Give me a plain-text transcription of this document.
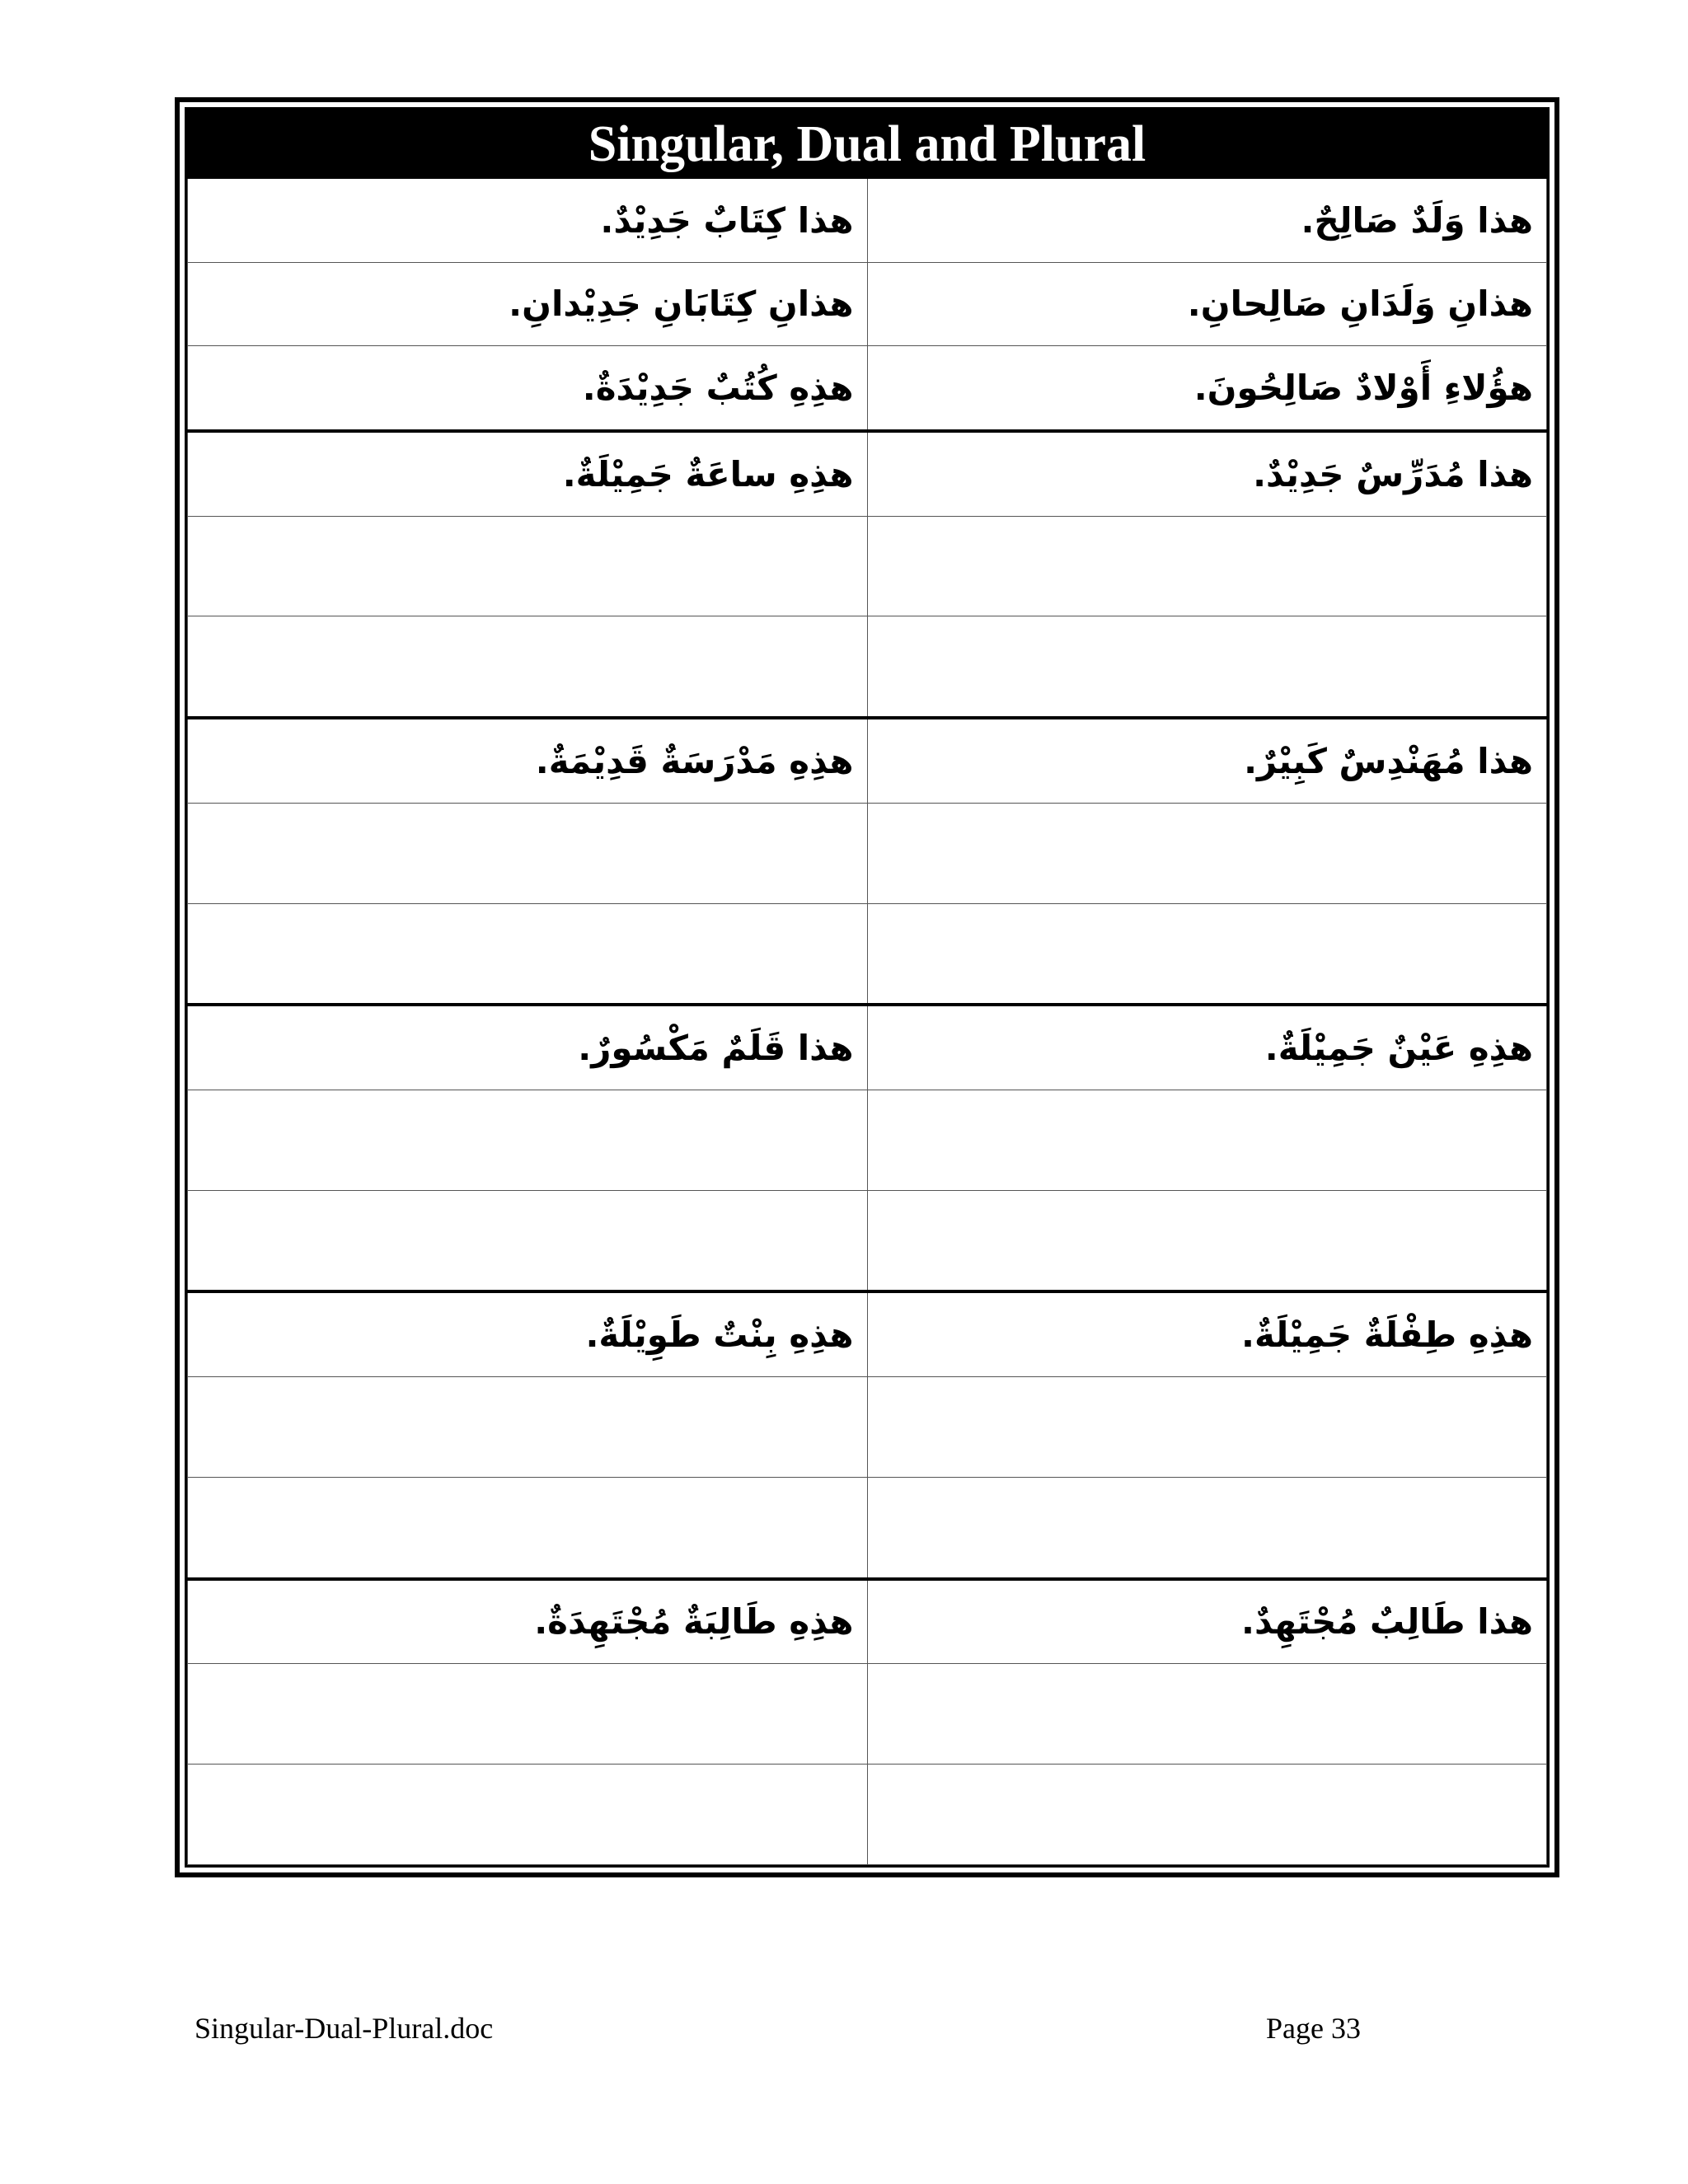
Singular, Dual and Plural
هذا كِتَابٌ جَدِيْدٌ.	هذا وَلَدٌ صَالِحٌ.
هذانِ كِتَابَانِ جَدِيْدانِ.	هذانِ وَلَدَانِ صَالِحانِ.
هذِهِ كُتُبٌ جَدِيْدَةٌ.	هؤُلاءِ أَوْلادٌ صَالِحُونَ.
هذِهِ ساعَةٌ جَمِيْلَةٌ.	هذا مُدَرِّسٌ جَدِيْدٌ.

هذِهِ مَدْرَسَةٌ قَدِيْمَةٌ.	هذا مُهَنْدِسٌ كَبِيْرٌ.

هذا قَلَمٌ مَكْسُورٌ.	هذِهِ عَيْنٌ جَمِيْلَةٌ.

هذِهِ بِنْتٌ طَوِيْلَةٌ.	هذِهِ طِفْلَةٌ جَمِيْلَةٌ.

هذِهِ طَالِبَةٌ مُجْتَهِدَةٌ.	هذا طَالِبٌ مُجْتَهِدٌ.

Singular-Dual-Plural.doc	Page 33
